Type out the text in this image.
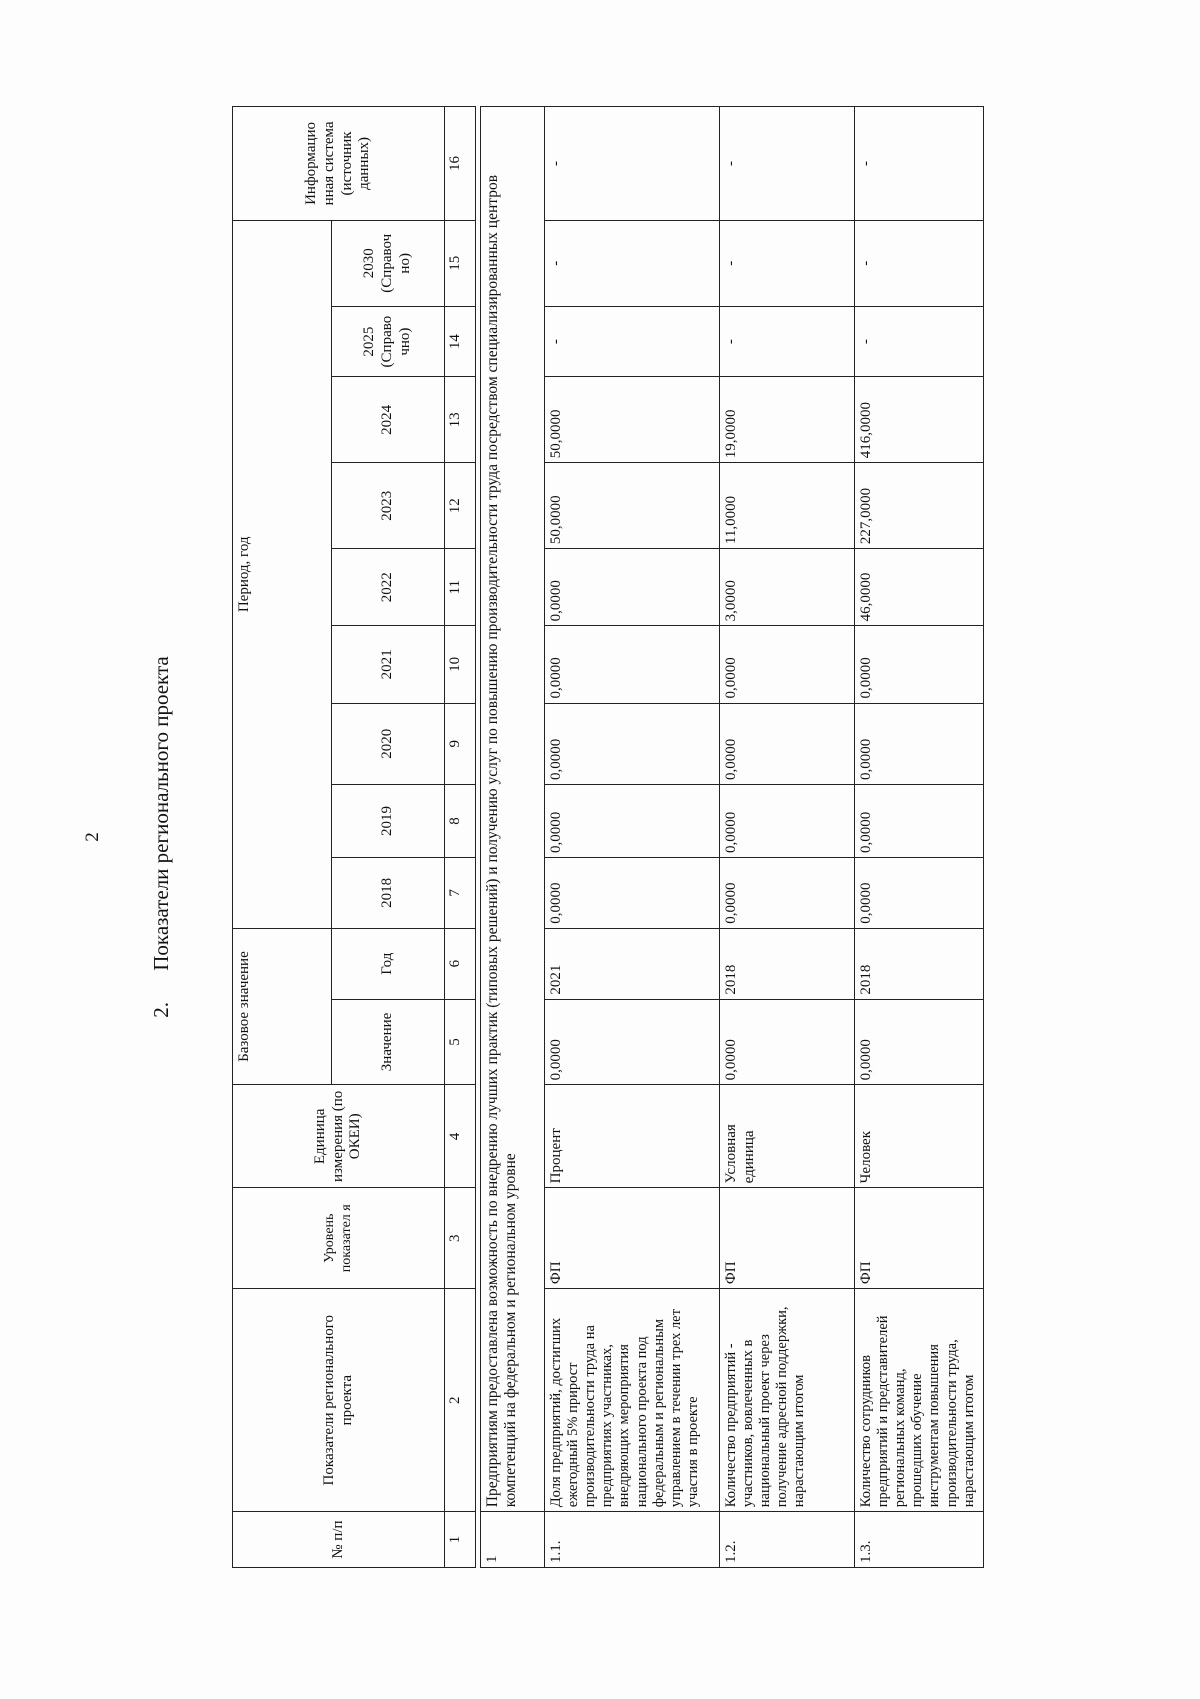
2
2. Показатели регионального проекта
№ п/п	Показатели регионального проекта	Уровень показател я	Единица измерения (по ОКЕИ)	Базовое значение		Период, год									Информацио нная система (источник данных)
				Значение	Год	2018	2019	2020	2021	2022	2023	2024	2025 (Справо чно)	2030 (Справоч но)	
1	2	3	4	5	6	7	8	9	10	11	12	13	14	15	16

1	Предприятиям предоставлена возможность по внедрению лучших практик (типовых решений) и получению услуг по повышению производительности труда посредством специализированных центров компетенций на федеральном и региональном уровне														
1.1.	Доля предприятий, достигших ежегодный 5% прирост производительности труда на предприятиях участниках, внедряющих мероприятия национального проекта под федеральным и региональным управлением в течении трех лет участия в проекте	ФП	Процент	0,0000	2021	0,0000	0,0000	0,0000	0,0000	0,0000	50,0000	50,0000	-	-	-
1.2.	Количество предприятий - участников, вовлеченных в национальный проект через получение адресной поддержки, нарастающим итогом	ФП	Условная единица	0,0000	2018	0,0000	0,0000	0,0000	0,0000	3,0000	11,0000	19,0000	-	-	-
1.3.	Количество сотрудников предприятий и представителей региональных команд, прошедших обучение инструментам повышения производительности труда, нарастающим итогом	ФП	Человек	0,0000	2018	0,0000	0,0000	0,0000	0,0000	46,0000	227,0000	416,0000	-	-	-
